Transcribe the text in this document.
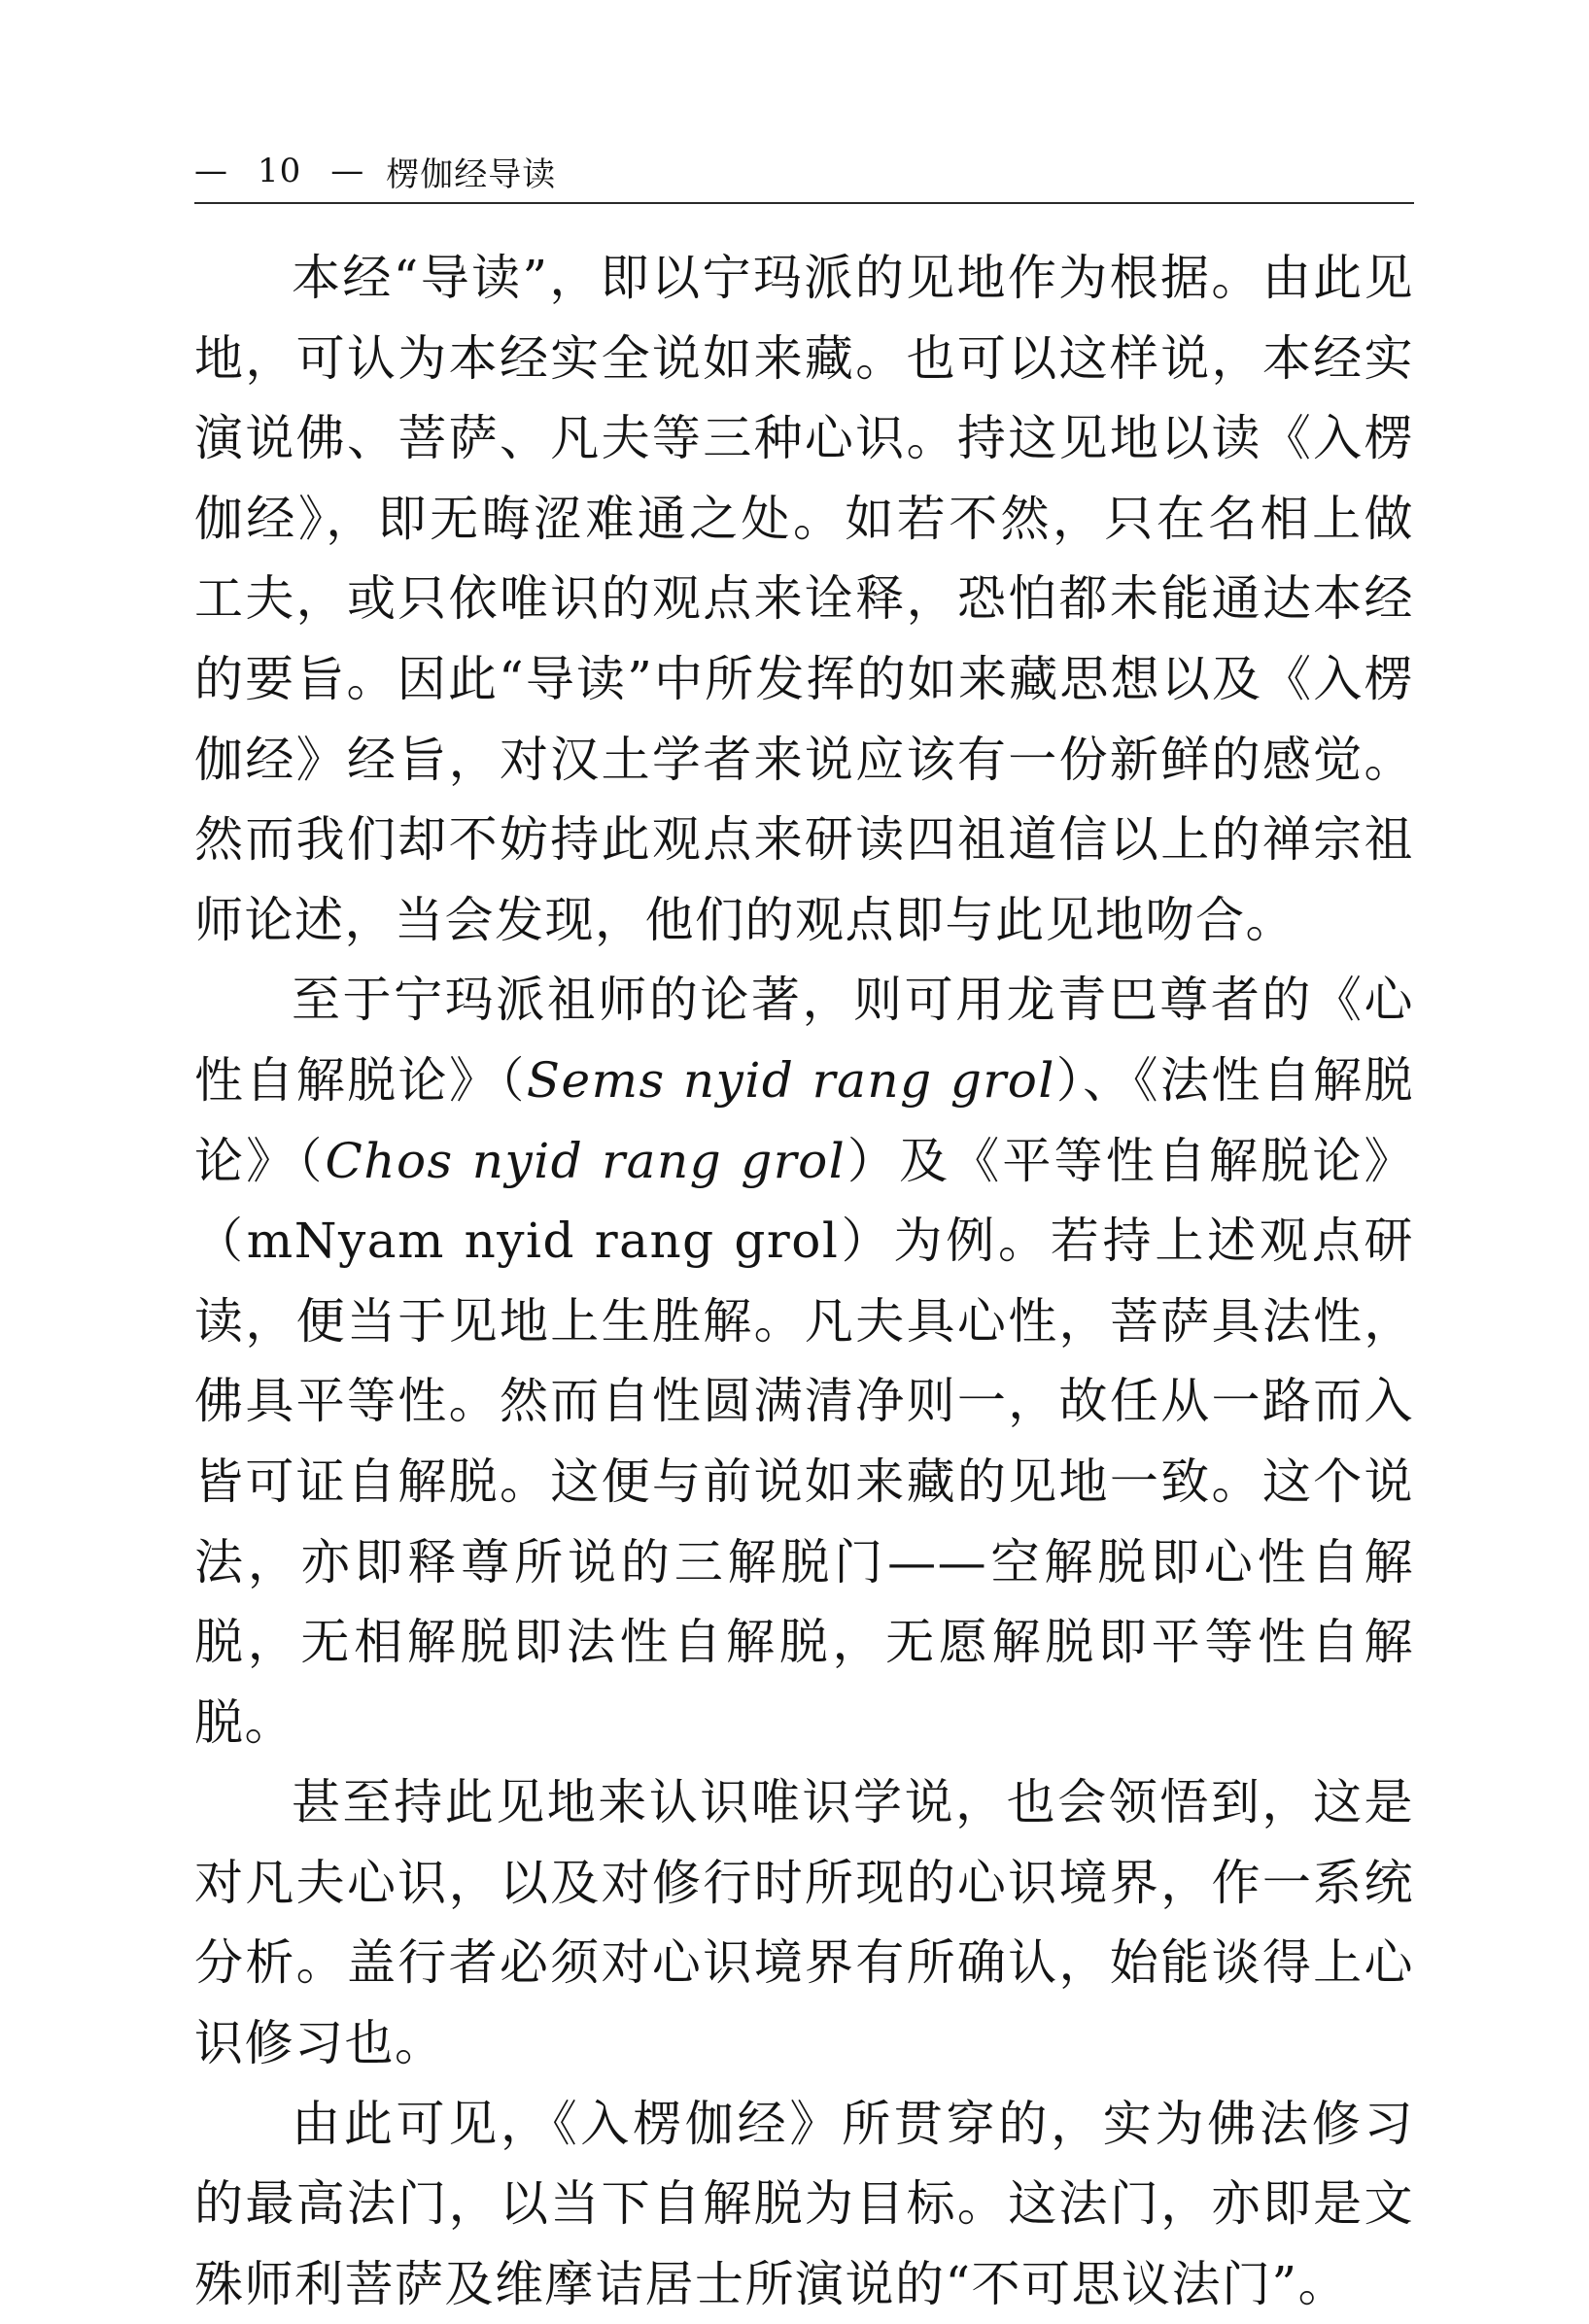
— 10 — 楞伽经导读

本经“导读”，即以宁玛派的见地作为根据。由此见地，可认为本经实全说如来藏。也可以这样说，本经实演说佛、菩萨、凡夫等三种心识。持这见地以读《入楞伽经》，即无晦涩难通之处。如若不然，只在名相上做工夫，或只依唯识的观点来诠释，恐怕都未能通达本经的要旨。因此“导读”中所发挥的如来藏思想以及《入楞伽经》经旨，对汉土学者来说应该有一份新鲜的感觉。然而我们却不妨持此观点来研读四祖道信以上的禅宗祖师论述，当会发现，他们的观点即与此见地吻合。

至于宁玛派祖师的论著，则可用龙青巴尊者的《心性自解脱论》（Sems nyid rang grol）、《法性自解脱论》（Chos nyid rang grol）及《平等性自解脱论》（mNyam nyid rang grol）为例。若持上述观点研读，便当于见地上生胜解。凡夫具心性，菩萨具法性，佛具平等性。然而自性圆满清净则一，故任从一路而入皆可证自解脱。这便与前说如来藏的见地一致。这个说法，亦即释尊所说的三解脱门——空解脱即心性自解脱，无相解脱即法性自解脱，无愿解脱即平等性自解脱。

甚至持此见地来认识唯识学说，也会领悟到，这是对凡夫心识，以及对修行时所现的心识境界，作一系统分析。盖行者必须对心识境界有所确认，始能谈得上心识修习也。

由此可见，《入楞伽经》所贯穿的，实为佛法修习的最高法门，以当下自解脱为目标。这法门，亦即是文殊师利菩萨及维摩诘居士所演说的“不可思议法门”。
